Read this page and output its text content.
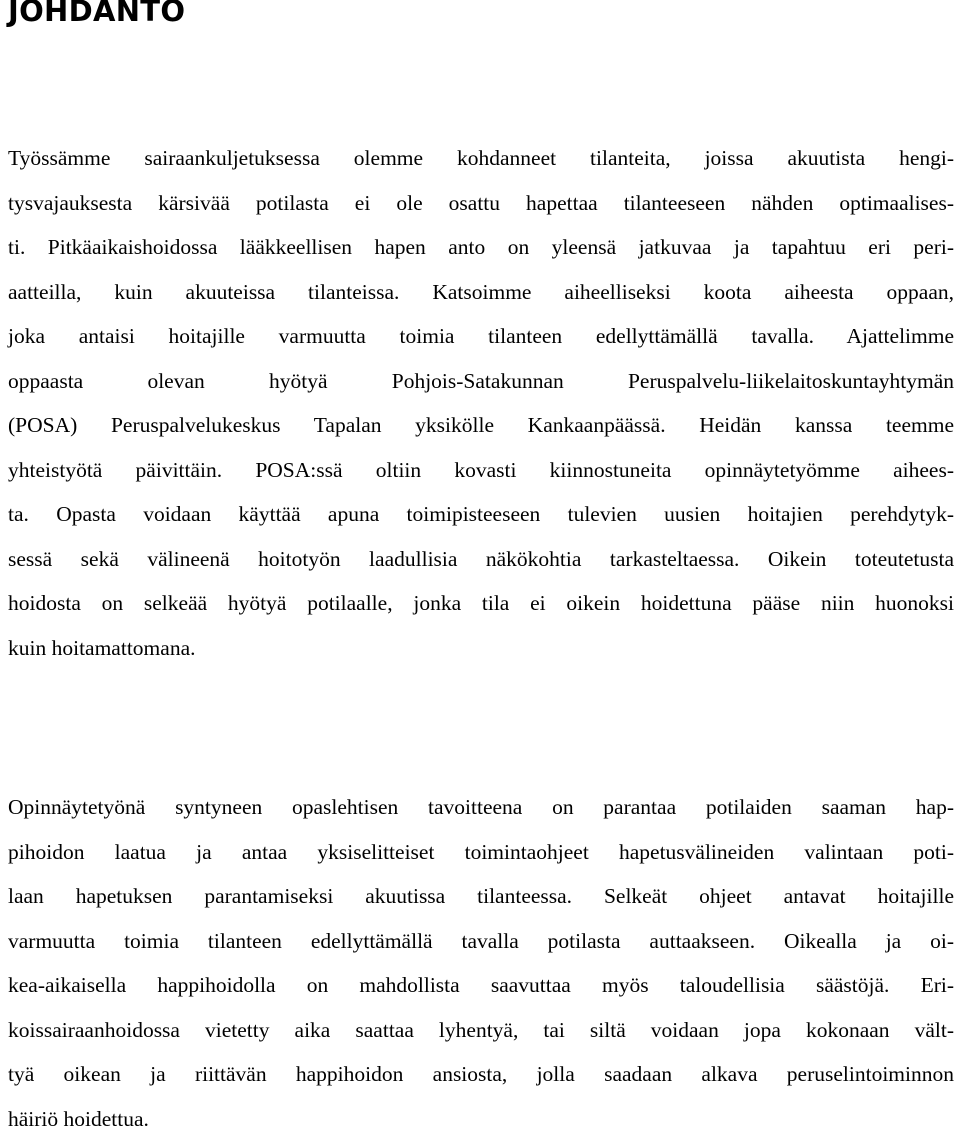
JOHDANTO
Työssämme sairaankuljetuksessa olemme kohdanneet tilanteita, joissa akuutista hengi-
tysvajauksesta kärsivää potilasta ei ole osattu hapettaa tilanteeseen nähden optimaalises-
ti. Pitkäaikaishoidossa lääkkeellisen hapen anto on yleensä jatkuvaa ja tapahtuu eri peri-
aatteilla, kuin akuuteissa tilanteissa. Katsoimme aiheelliseksi koota aiheesta oppaan,
joka antaisi hoitajille varmuutta toimia tilanteen edellyttämällä tavalla. Ajattelimme
oppaasta olevan hyötyä Pohjois-Satakunnan Peruspalvelu-liikelaitoskuntayhtymän
(POSA) Peruspalvelukeskus Tapalan yksikölle Kankaanpäässä. Heidän kanssa teemme
yhteistyötä päivittäin. POSA:ssä oltiin kovasti kiinnostuneita opinnäytetyömme aihees-
ta. Opasta voidaan käyttää apuna toimipisteeseen tulevien uusien hoitajien perehdytyk-
sessä sekä välineenä hoitotyön laadullisia näkökohtia tarkasteltaessa. Oikein toteutetusta
hoidosta on selkeää hyötyä potilaalle, jonka tila ei oikein hoidettuna pääse niin huonoksi
kuin hoitamattomana.
Opinnäytetyönä syntyneen opaslehtisen tavoitteena on parantaa potilaiden saaman hap-
pihoidon laatua ja antaa yksiselitteiset toimintaohjeet hapetusvälineiden valintaan poti-
laan hapetuksen parantamiseksi akuutissa tilanteessa. Selkeät ohjeet antavat hoitajille
varmuutta toimia tilanteen edellyttämällä tavalla potilasta auttaakseen. Oikealla ja oi-
kea-aikaisella happihoidolla on mahdollista saavuttaa myös taloudellisia säästöjä. Eri-
koissairaanhoidossa vietetty aika saattaa lyhentyä, tai siltä voidaan jopa kokonaan vält-
tyä oikean ja riittävän happihoidon ansiosta, jolla saadaan alkava peruselintoiminnon
häiriö hoidettua.
